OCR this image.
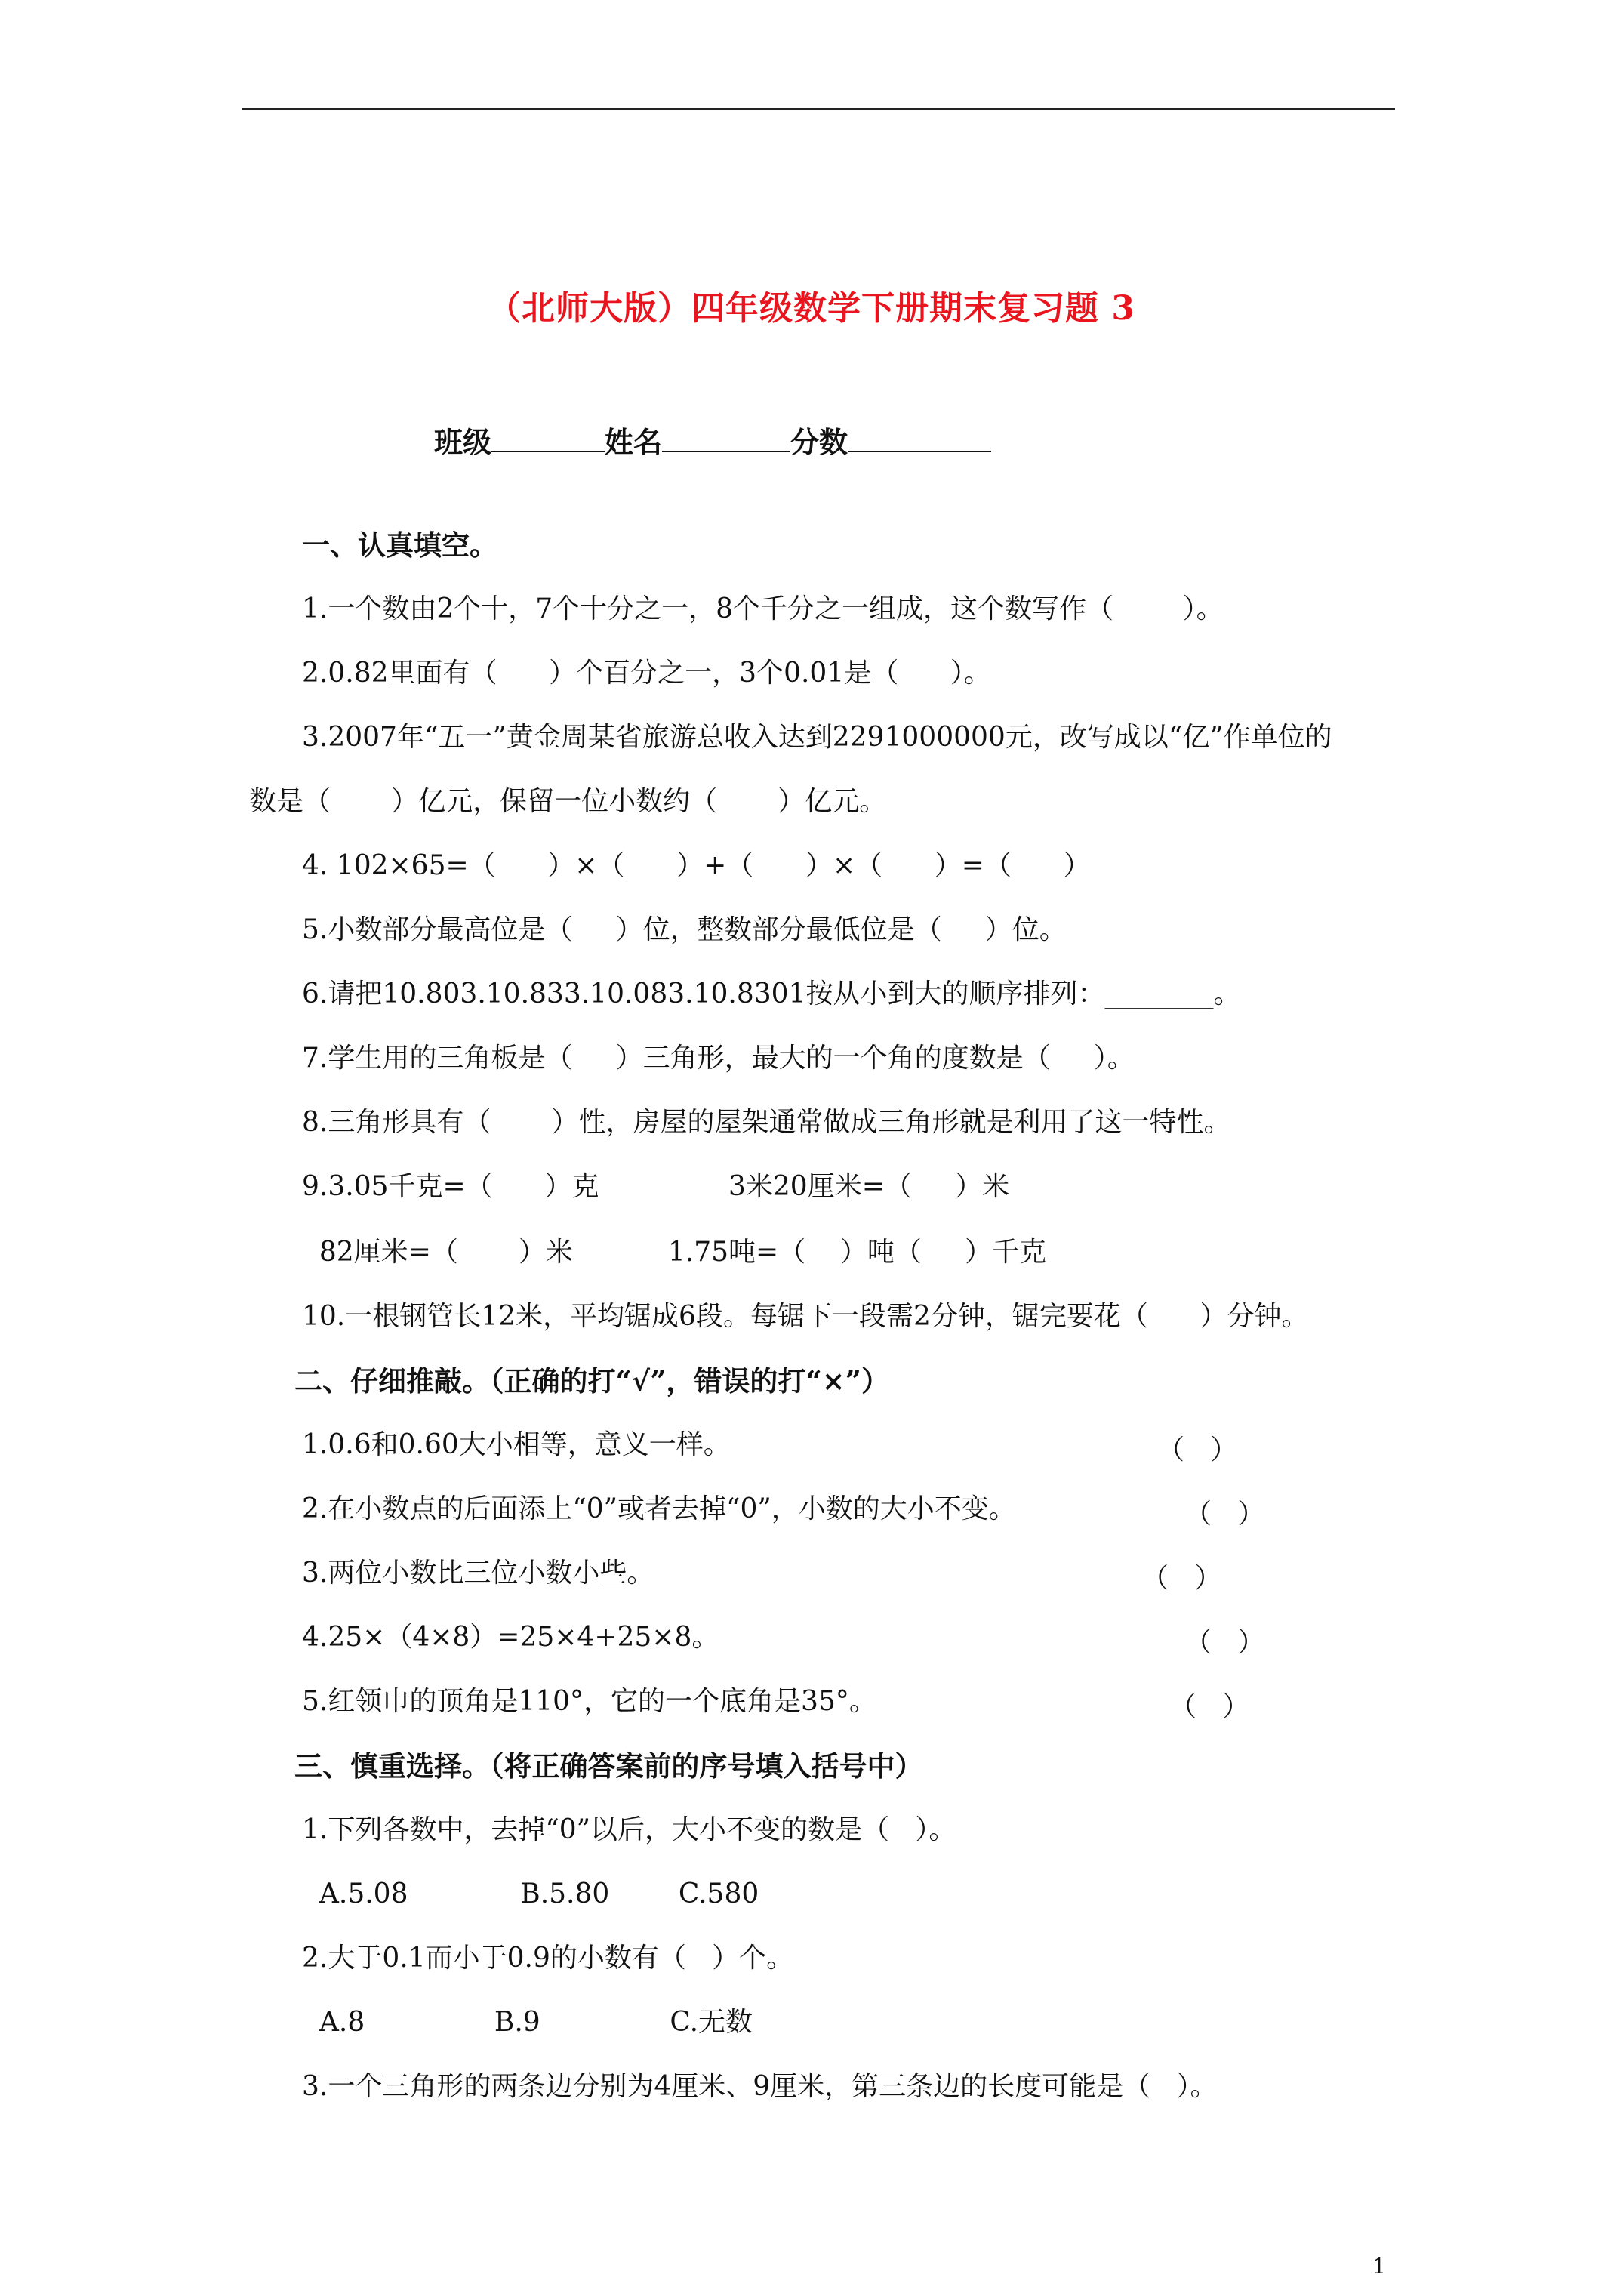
（北师大版）四年级数学下册期末复习题 3
班级	姓名	分数
一、认真填空。
1.一个数由2个十，7个十分之一，8个千分之一组成，这个数写作（        ）。
2.0.82里面有（      ）个百分之一，3个0.01是（      ）。
3.2007年“五一”黄金周某省旅游总收入达到2291000000元，改写成以“亿”作单位的
数是（       ）亿元，保留一位小数约（       ）亿元。
4. 102×65=（      ）×（      ）+（      ）×（      ）=（      ）
5.小数部分最高位是（     ）位，整数部分最低位是（     ）位。
6.请把10.803.10.833.10.083.10.8301按从小到大的顺序排列：________。
7.学生用的三角板是（     ）三角形，最大的一个角的度数是（     ）。
8.三角形具有（       ）性，房屋的屋架通常做成三角形就是利用了这一特性。
9.3.05千克=（      ）克               3米20厘米=（     ）米
82厘米=（       ）米           1.75吨=（    ）吨（     ）千克
10.一根钢管长12米，平均锯成6段。每锯下一段需2分钟，锯完要花（      ）分钟。
二、仔细推敲。（正确的打“√”，错误的打“×”）
1.0.6和0.60大小相等，意义一样。	（   ）
2.在小数点的后面添上“0”或者去掉“0”，小数的大小不变。	（   ）
3.两位小数比三位小数小些。	（   ）
4.25×（4×8）=25×4+25×8。	（   ）
5.红领巾的顶角是110°，它的一个底角是35°。	（   ）
三、慎重选择。（将正确答案前的序号填入括号中）
1.下列各数中，去掉“0”以后，大小不变的数是（   ）。
A.5.08             B.5.80        C.580
2.大于0.1而小于0.9的小数有（   ）个。
A.8               B.9               C.无数
3.一个三角形的两条边分别为4厘米、9厘米，第三条边的长度可能是（   ）。
1
